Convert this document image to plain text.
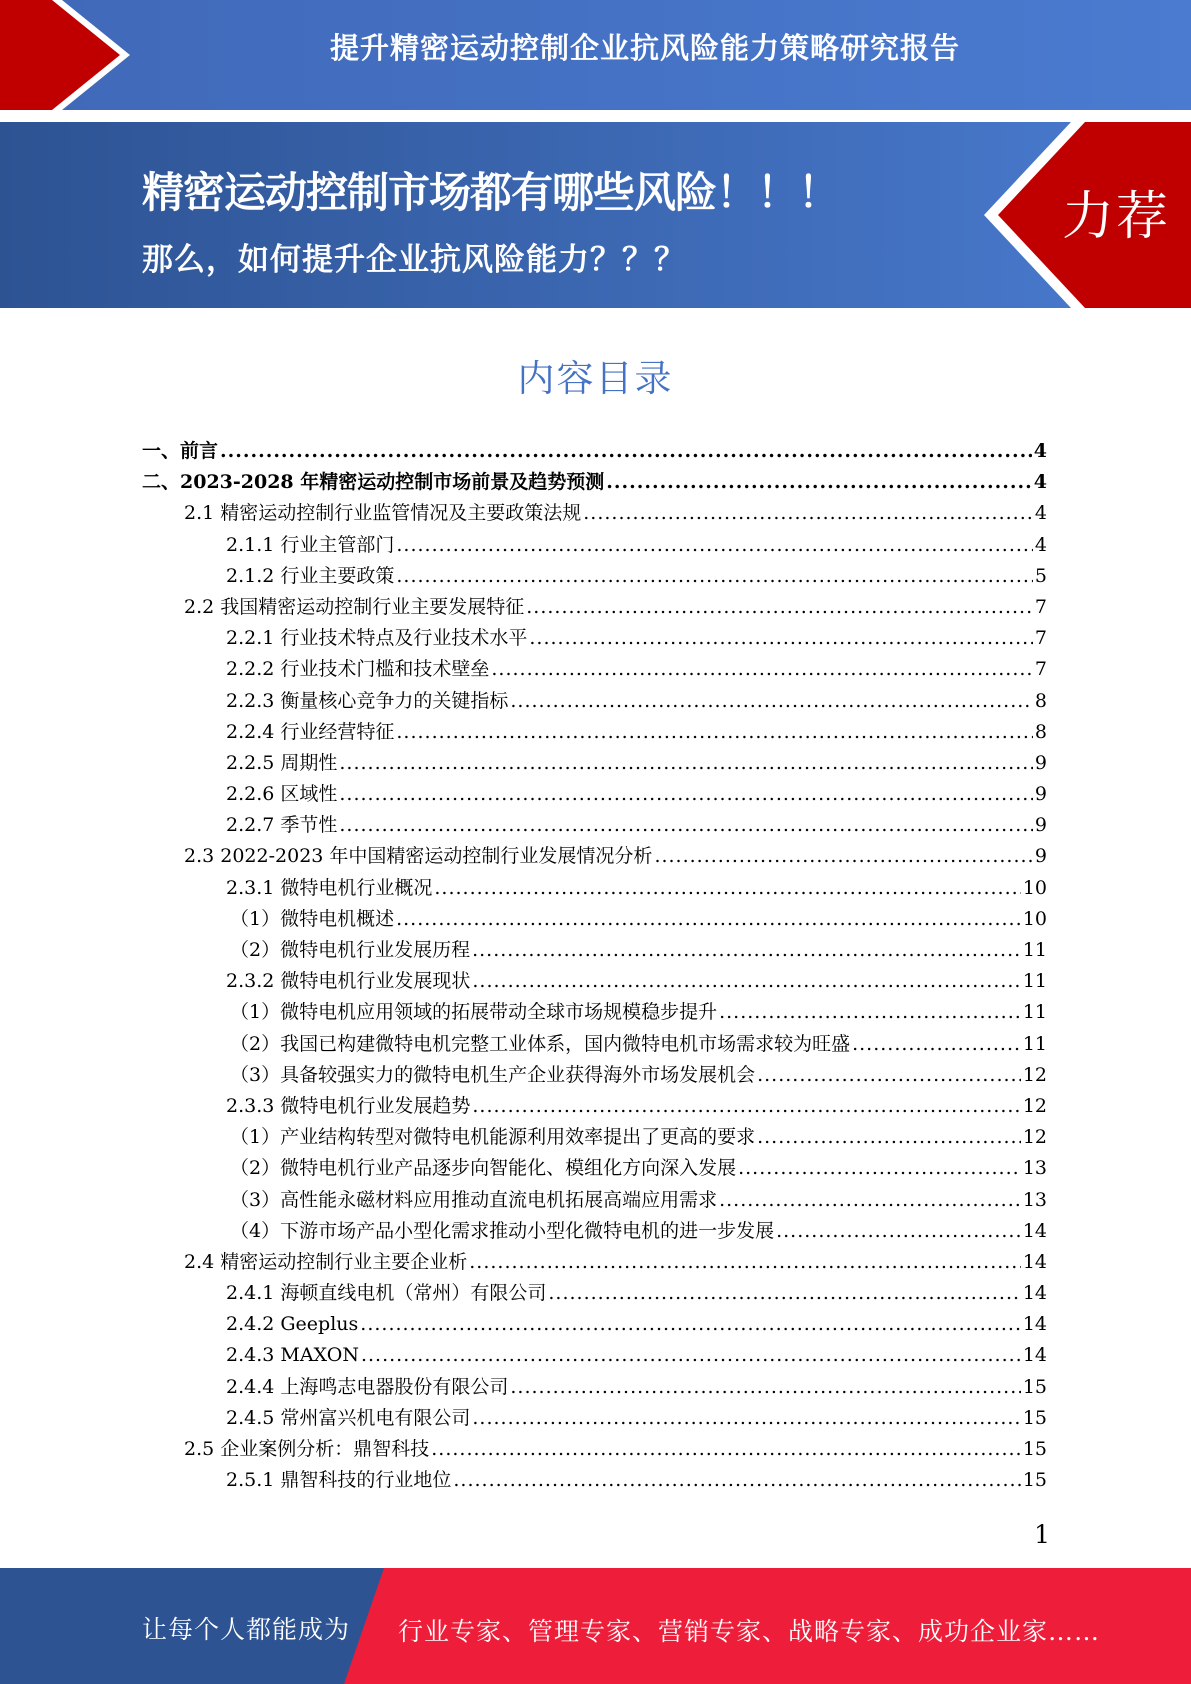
提升精密运动控制企业抗风险能力策略研究报告
精密运动控制市场都有哪些风险！！！
那么，如何提升企业抗风险能力？？？
力荐
内容目录
一、前言 .....	4
二、2023-2028 年精密运动控制市场前景及趋势预测 .....	4
2.1 精密运动控制行业监管情况及主要政策法规 .....	4
2.1.1 行业主管部门 .....	4
2.1.2 行业主要政策 .....	5
2.2 我国精密运动控制行业主要发展特征 .....	7
2.2.1 行业技术特点及行业技术水平 .....	7
2.2.2 行业技术门槛和技术壁垒 .....	7
2.2.3 衡量核心竞争力的关键指标 .....	8
2.2.4 行业经营特征 .....	8
2.2.5 周期性 .....	9
2.2.6 区域性 .....	9
2.2.7 季节性 .....	9
2.3 2022-2023 年中国精密运动控制行业发展情况分析 .....	9
2.3.1 微特电机行业概况 .....	10
（1）微特电机概述 .....	10
（2）微特电机行业发展历程 .....	11
2.3.2 微特电机行业发展现状 .....	11
（1）微特电机应用领域的拓展带动全球市场规模稳步提升 .....	11
（2）我国已构建微特电机完整工业体系，国内微特电机市场需求较为旺盛 .....	11
（3）具备较强实力的微特电机生产企业获得海外市场发展机会 .....	12
2.3.3 微特电机行业发展趋势 .....	12
（1）产业结构转型对微特电机能源利用效率提出了更高的要求 .....	12
（2）微特电机行业产品逐步向智能化、模组化方向深入发展 .....	13
（3）高性能永磁材料应用推动直流电机拓展高端应用需求 .....	13
（4）下游市场产品小型化需求推动小型化微特电机的进一步发展 .....	14
2.4 精密运动控制行业主要企业析 .....	14
2.4.1 海顿直线电机（常州）有限公司 .....	14
2.4.2 Geeplus .....	14
2.4.3 MAXON .....	14
2.4.4 上海鸣志电器股份有限公司 .....	15
2.4.5 常州富兴机电有限公司 .....	15
2.5 企业案例分析：鼎智科技 .....	15
2.5.1 鼎智科技的行业地位 .....	15
1
让每个人都能成为 行业专家、管理专家、营销专家、战略专家、成功企业家……
